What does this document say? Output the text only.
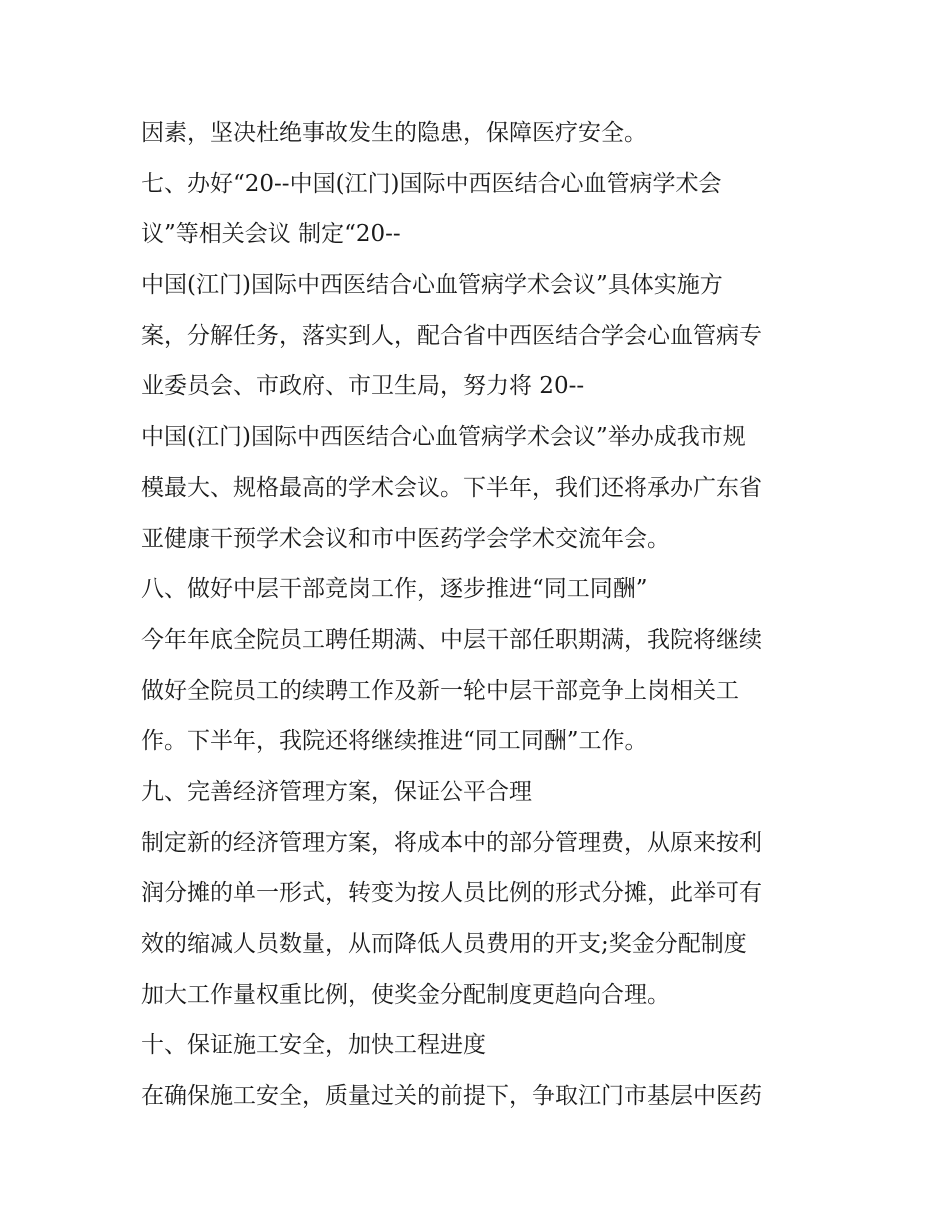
因素，坚决杜绝事故发生的隐患，保障医疗安全。
七、办好“20--中国(江门)国际中西医结合心血管病学术会
议”等相关会议 制定“20--
中国(江门)国际中西医结合心血管病学术会议”具体实施方
案，分解任务，落实到人，配合省中西医结合学会心血管病专
业委员会、市政府、市卫生局，努力将 20--
中国(江门)国际中西医结合心血管病学术会议”举办成我市规
模最大、规格最高的学术会议。下半年，我们还将承办广东省
亚健康干预学术会议和市中医药学会学术交流年会。
八、做好中层干部竞岗工作，逐步推进“同工同酬”
今年年底全院员工聘任期满、中层干部任职期满，我院将继续
做好全院员工的续聘工作及新一轮中层干部竞争上岗相关工
作。下半年，我院还将继续推进“同工同酬”工作。
九、完善经济管理方案，保证公平合理
制定新的经济管理方案，将成本中的部分管理费，从原来按利
润分摊的单一形式，转变为按人员比例的形式分摊，此举可有
效的缩减人员数量，从而降低人员费用的开支;奖金分配制度
加大工作量权重比例，使奖金分配制度更趋向合理。
十、保证施工安全，加快工程进度
在确保施工安全，质量过关的前提下，争取江门市基层中医药
